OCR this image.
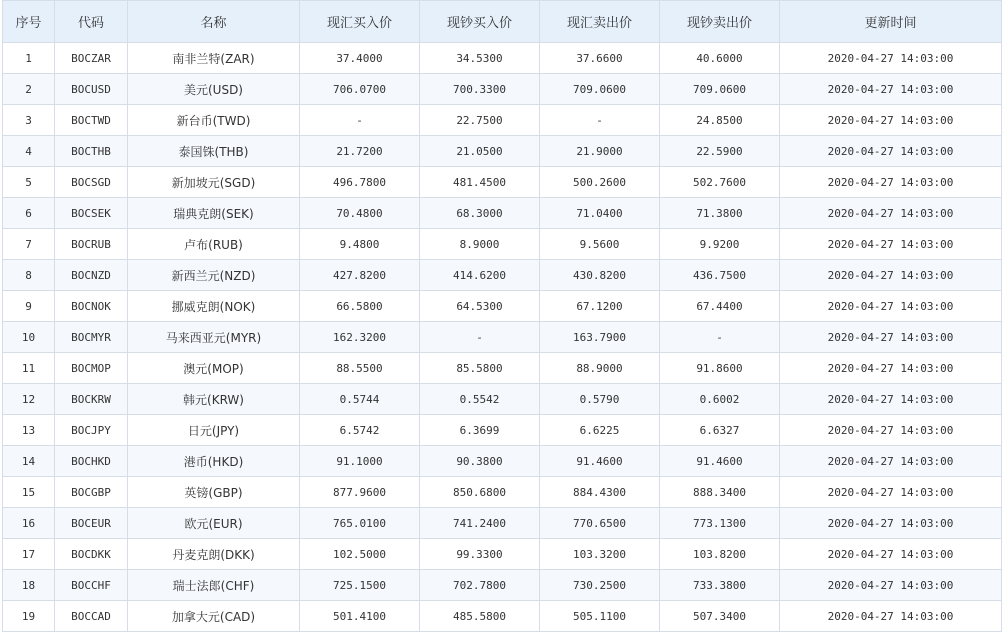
序号	代码	名称	现汇买入价	现钞买入价	现汇卖出价	现钞卖出价	更新时间
1	BOCZAR	南非兰特(ZAR)	37.4000	34.5300	37.6600	40.6000	2020-04-27 14:03:00
2	BOCUSD	美元(USD)	706.0700	700.3300	709.0600	709.0600	2020-04-27 14:03:00
3	BOCTWD	新台币(TWD)	-	22.7500	-	24.8500	2020-04-27 14:03:00
4	BOCTHB	泰国铢(THB)	21.7200	21.0500	21.9000	22.5900	2020-04-27 14:03:00
5	BOCSGD	新加坡元(SGD)	496.7800	481.4500	500.2600	502.7600	2020-04-27 14:03:00
6	BOCSEK	瑞典克朗(SEK)	70.4800	68.3000	71.0400	71.3800	2020-04-27 14:03:00
7	BOCRUB	卢布(RUB)	9.4800	8.9000	9.5600	9.9200	2020-04-27 14:03:00
8	BOCNZD	新西兰元(NZD)	427.8200	414.6200	430.8200	436.7500	2020-04-27 14:03:00
9	BOCNOK	挪威克朗(NOK)	66.5800	64.5300	67.1200	67.4400	2020-04-27 14:03:00
10	BOCMYR	马来西亚元(MYR)	162.3200	-	163.7900	-	2020-04-27 14:03:00
11	BOCMOP	澳元(MOP)	88.5500	85.5800	88.9000	91.8600	2020-04-27 14:03:00
12	BOCKRW	韩元(KRW)	0.5744	0.5542	0.5790	0.6002	2020-04-27 14:03:00
13	BOCJPY	日元(JPY)	6.5742	6.3699	6.6225	6.6327	2020-04-27 14:03:00
14	BOCHKD	港币(HKD)	91.1000	90.3800	91.4600	91.4600	2020-04-27 14:03:00
15	BOCGBP	英镑(GBP)	877.9600	850.6800	884.4300	888.3400	2020-04-27 14:03:00
16	BOCEUR	欧元(EUR)	765.0100	741.2400	770.6500	773.1300	2020-04-27 14:03:00
17	BOCDKK	丹麦克朗(DKK)	102.5000	99.3300	103.3200	103.8200	2020-04-27 14:03:00
18	BOCCHF	瑞士法郎(CHF)	725.1500	702.7800	730.2500	733.3800	2020-04-27 14:03:00
19	BOCCAD	加拿大元(CAD)	501.4100	485.5800	505.1100	507.3400	2020-04-27 14:03:00
